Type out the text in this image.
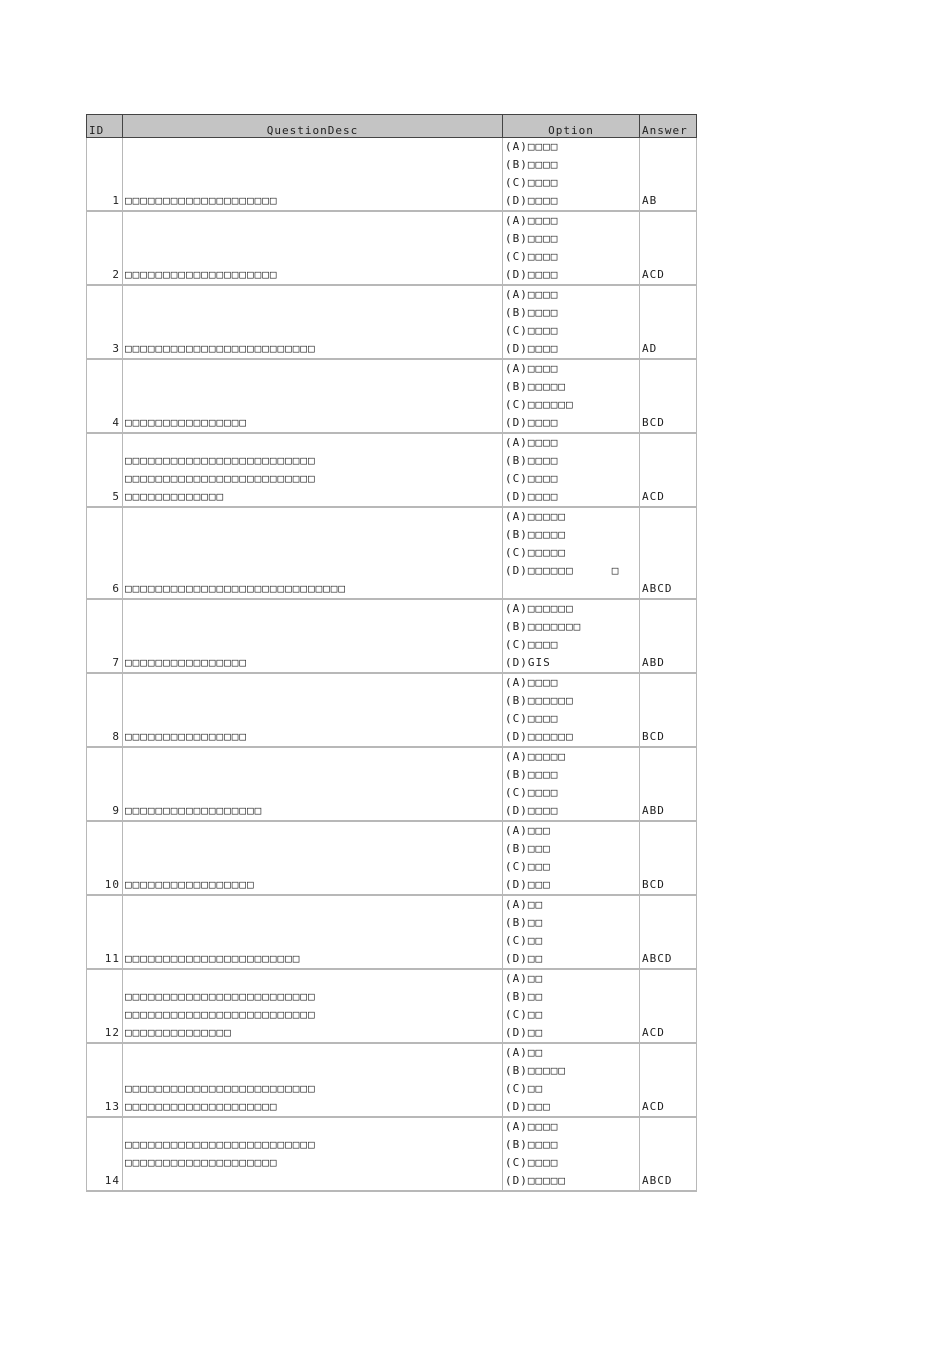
ID	QuestionDesc	Option	Answer
1	□□□□□□□□□□□□□□□□□□□□	(A)□□□□
(B)□□□□
(C)□□□□
(D)□□□□	AB

2	□□□□□□□□□□□□□□□□□□□□	(A)□□□□
(B)□□□□
(C)□□□□
(D)□□□□	ACD

3	□□□□□□□□□□□□□□□□□□□□□□□□□	(A)□□□□
(B)□□□□
(C)□□□□
(D)□□□□	AD

4	□□□□□□□□□□□□□□□□	(A)□□□□
(B)□□□□□
(C)□□□□□□
(D)□□□□	BCD

5	□□□□□□□□□□□□□□□□□□□□□□□□□
□□□□□□□□□□□□□□□□□□□□□□□□□
□□□□□□□□□□□□□	(A)□□□□
(B)□□□□
(C)□□□□
(D)□□□□	ACD

6	□□□□□□□□□□□□□□□□□□□□□□□□□□□□□	(A)□□□□□
(B)□□□□□
(C)□□□□□
(D)□□□□□□     □	ABCD

7	□□□□□□□□□□□□□□□□	(A)□□□□□□
(B)□□□□□□□
(C)□□□□
(D)GIS	ABD

8	□□□□□□□□□□□□□□□□	(A)□□□□
(B)□□□□□□
(C)□□□□
(D)□□□□□□	BCD

9	□□□□□□□□□□□□□□□□□□	(A)□□□□□
(B)□□□□
(C)□□□□
(D)□□□□	ABD

10	□□□□□□□□□□□□□□□□□	(A)□□□
(B)□□□
(C)□□□
(D)□□□	BCD

11	□□□□□□□□□□□□□□□□□□□□□□□	(A)□□
(B)□□
(C)□□
(D)□□	ABCD

12	□□□□□□□□□□□□□□□□□□□□□□□□□
□□□□□□□□□□□□□□□□□□□□□□□□□
□□□□□□□□□□□□□□	(A)□□
(B)□□
(C)□□
(D)□□	ACD

13	□□□□□□□□□□□□□□□□□□□□□□□□□
□□□□□□□□□□□□□□□□□□□□	(A)□□
(B)□□□□□
(C)□□
(D)□□□	ACD

14	□□□□□□□□□□□□□□□□□□□□□□□□□
□□□□□□□□□□□□□□□□□□□□	(A)□□□□
(B)□□□□
(C)□□□□
(D)□□□□□	ABCD
